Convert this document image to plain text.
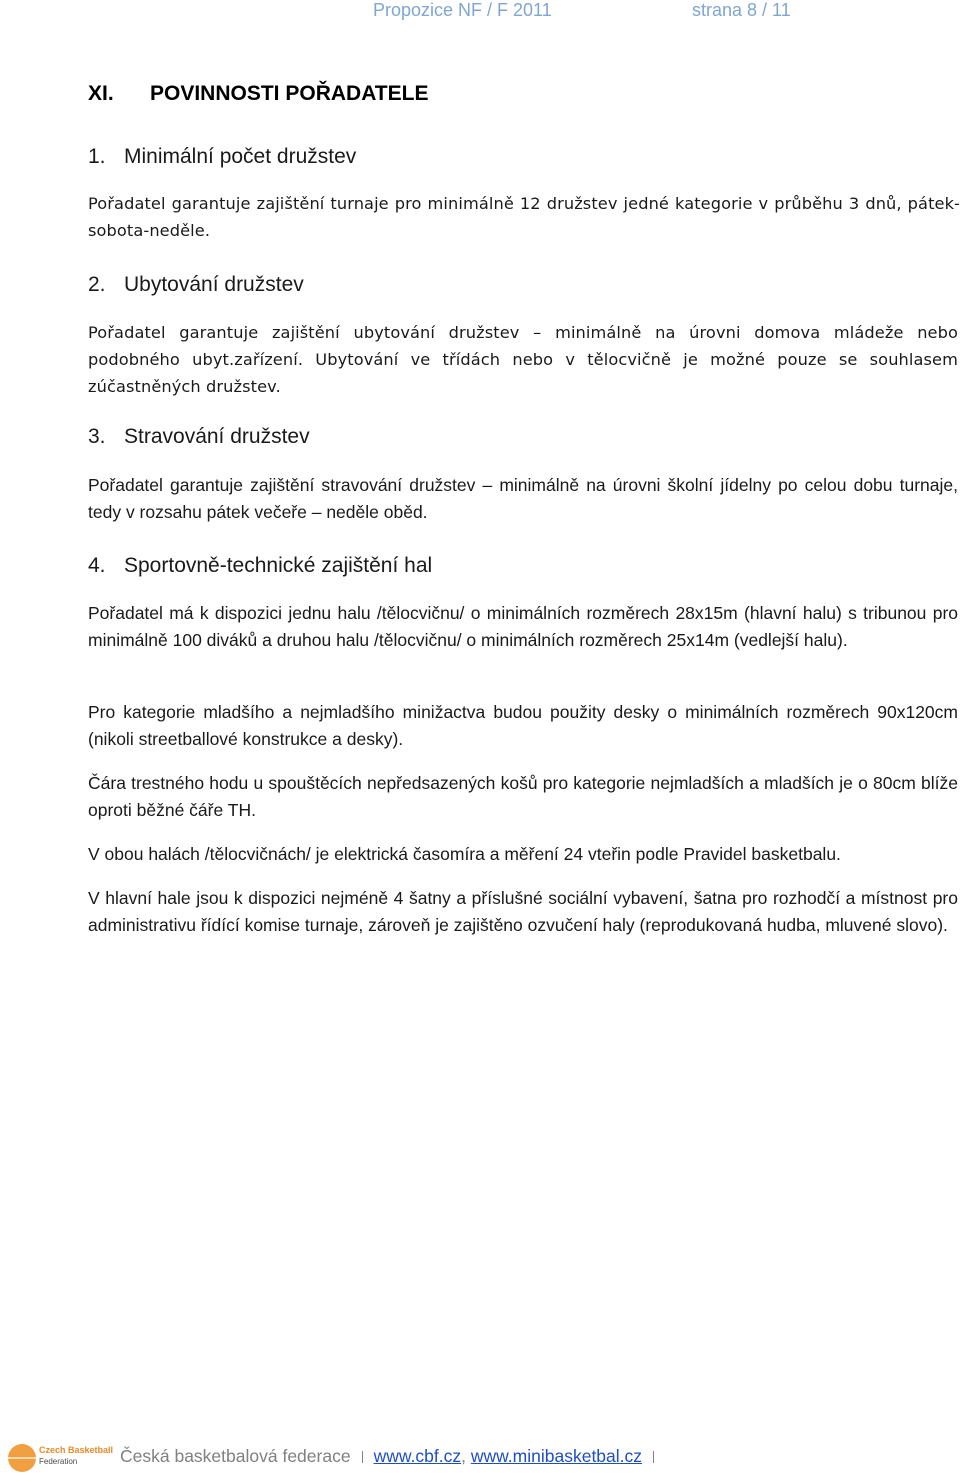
Propozice NF / F 2011	strana 8 / 11
XI. POVINNOSTI POŘADATELE
1. Minimální počet družstev
Pořadatel garantuje zajištění turnaje pro minimálně 12 družstev jedné kategorie v průběhu 3 dnů, pátek-sobota-neděle.
2. Ubytování družstev
Pořadatel garantuje zajištění ubytování družstev – minimálně na úrovni domova mládeže nebo podobného ubyt.zařízení. Ubytování ve třídách nebo v tělocvičně je možné pouze se souhlasem zúčastněných družstev.
3. Stravování družstev
Pořadatel garantuje zajištění stravování družstev – minimálně na úrovni školní jídelny po celou dobu turnaje, tedy v rozsahu pátek večeře – neděle oběd.
4. Sportovně-technické zajištění hal
Pořadatel má k dispozici jednu halu /tělocvičnu/ o minimálních rozměrech 28x15m (hlavní halu) s tribunou pro minimálně 100 diváků a druhou halu /tělocvičnu/ o minimálních rozměrech 25x14m (vedlejší halu).
Pro kategorie mladšího a nejmladšího minižactva budou použity desky o minimálních rozměrech 90x120cm (nikoli streetballové konstrukce a desky).
Čára trestného hodu u spouštěcích nepředsazených košů pro kategorie nejmladších a mladších je o 80cm blíže oproti běžné čáře TH.
V obou halách /tělocvičnách/ je elektrická časomíra a měření 24 vteřin podle Pravidel basketbalu.
V hlavní hale jsou k dispozici nejméně 4 šatny a příslušné sociální vybavení, šatna pro rozhodčí a místnost pro administrativu řídící komise turnaje, zároveň je zajištěno ozvučení haly (reprodukovaná hudba, mluvené slovo).
Czech Basketball
Federation Česká basketbalová federace www.cbf.cz, www.minibasketbal.cz
